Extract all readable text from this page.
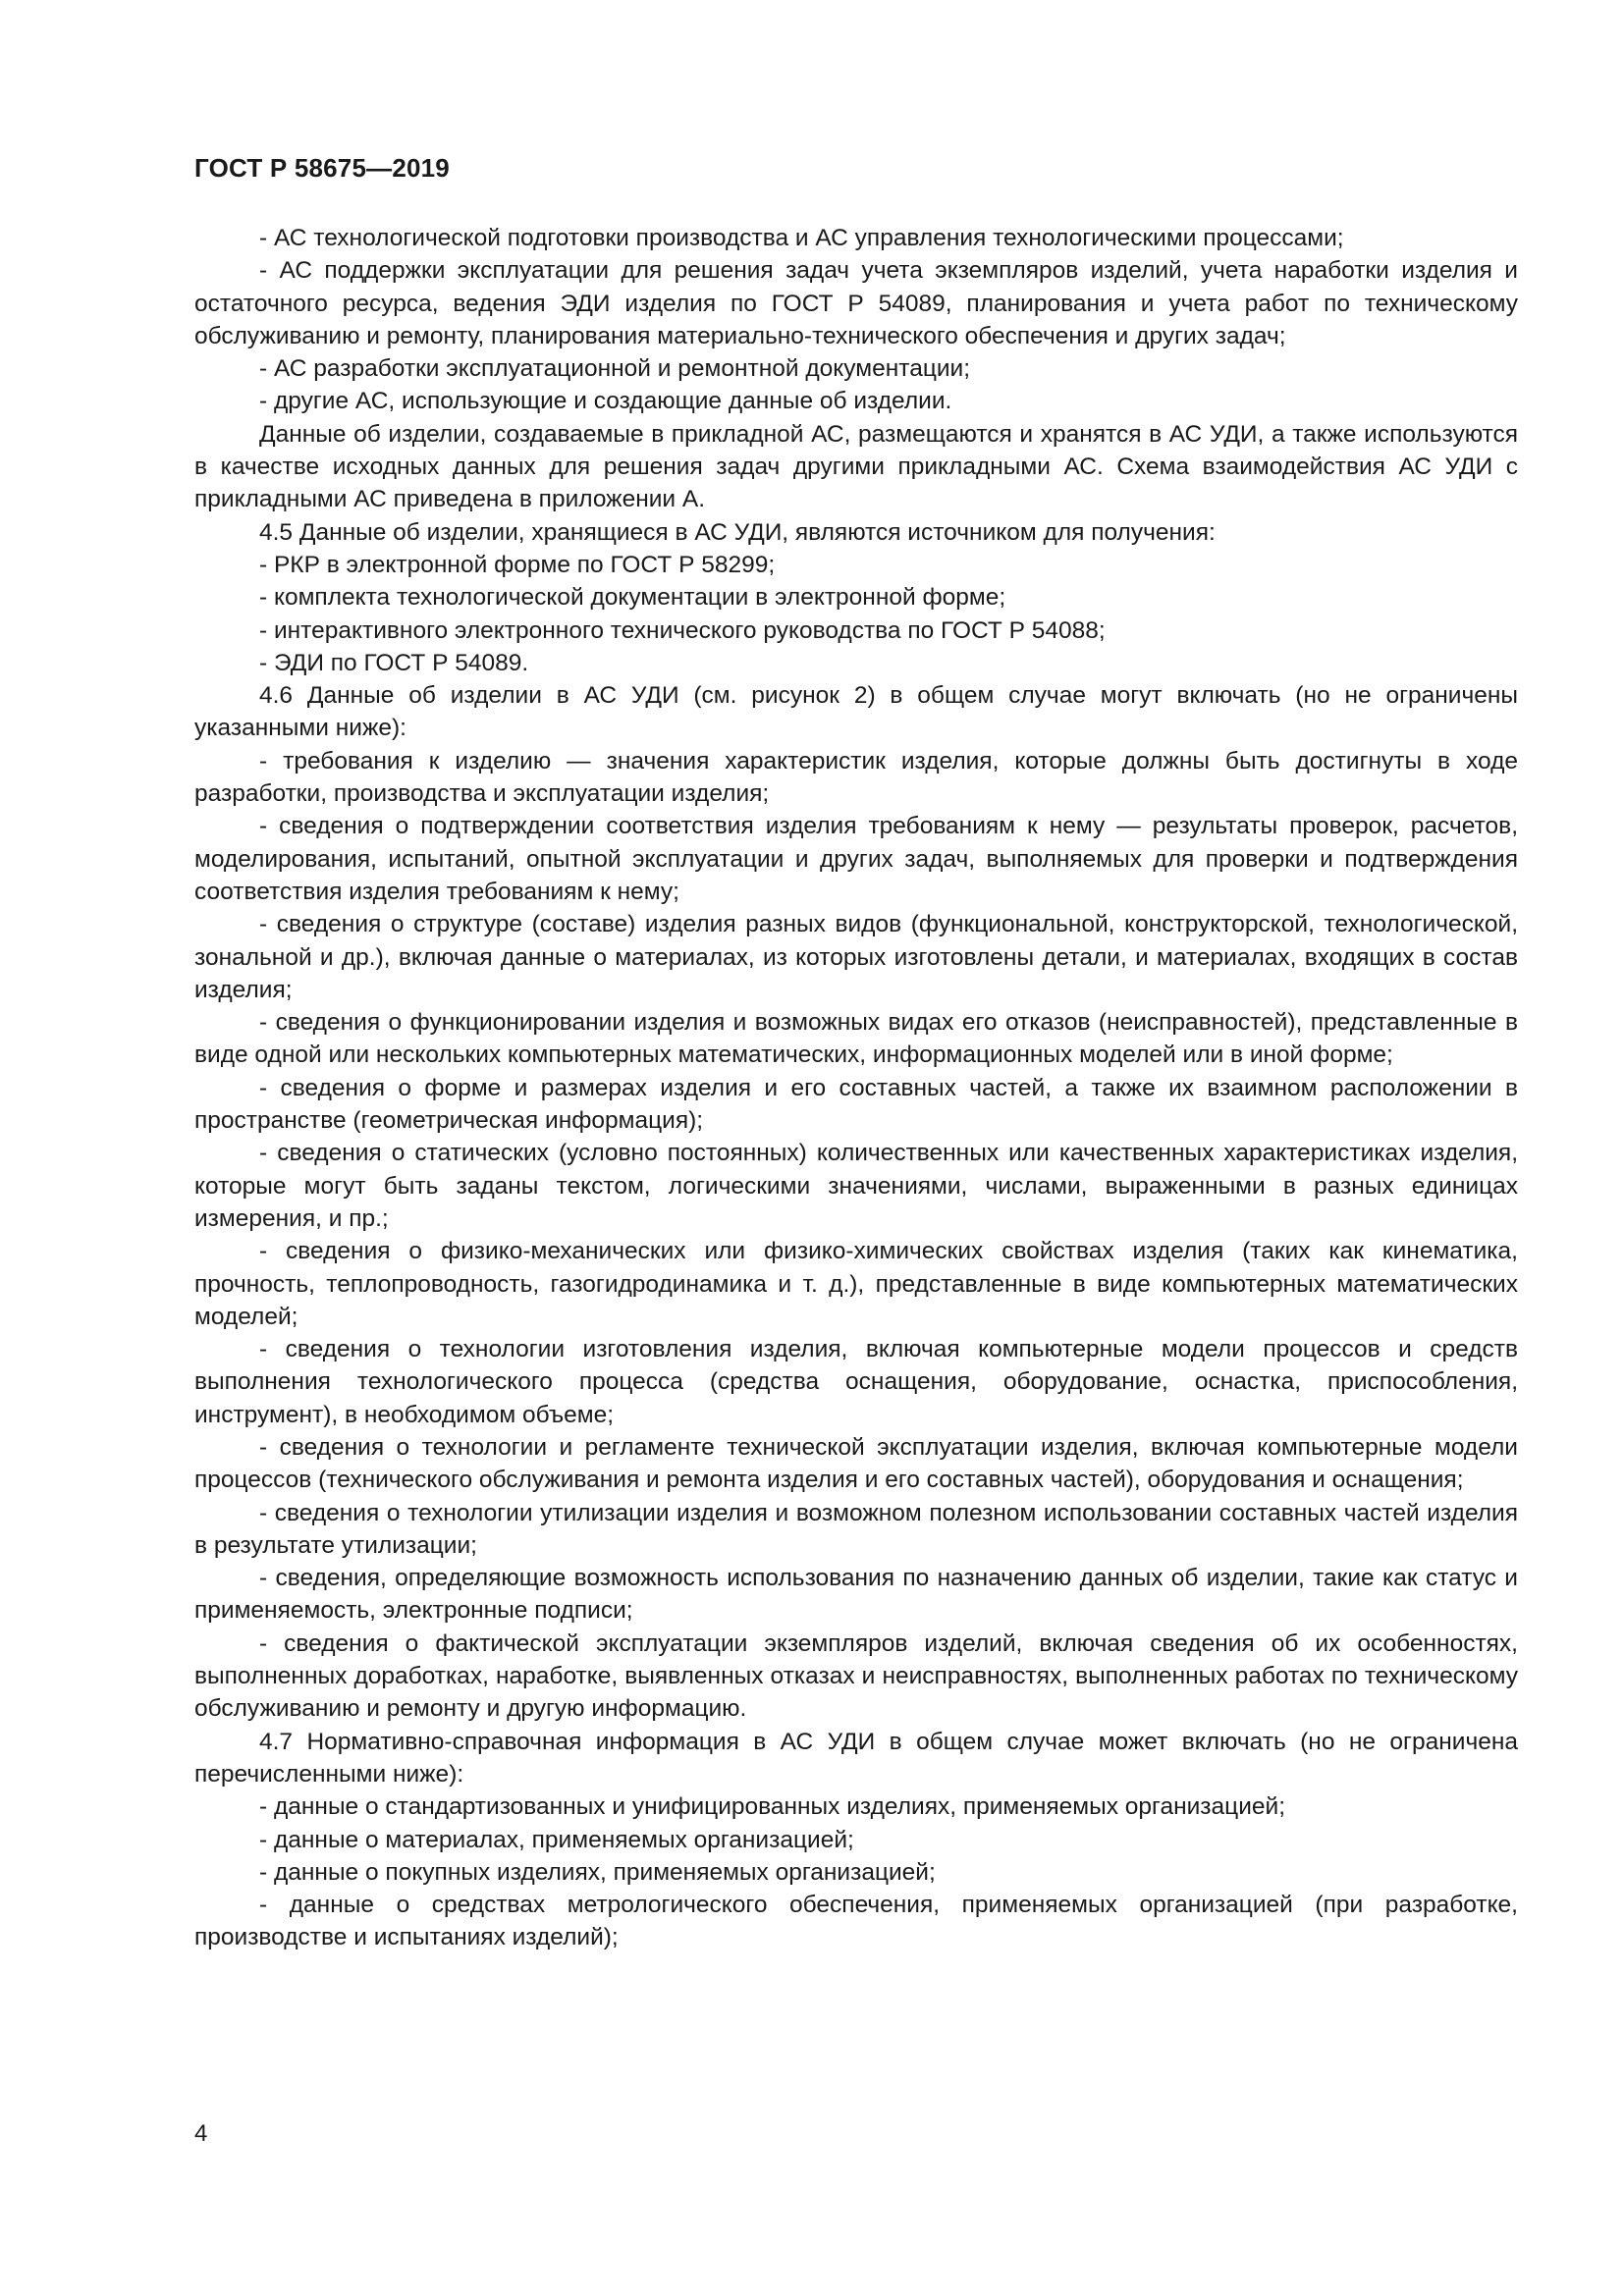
ГОСТ Р 58675—2019

- АС технологической подготовки производства и АС управления технологическими процессами;

- АС поддержки эксплуатации для решения задач учета экземпляров изделий, учета наработки изделия и остаточного ресурса, ведения ЭДИ изделия по ГОСТ Р 54089, планирования и учета работ по техническому обслуживанию и ремонту, планирования материально-технического обеспечения и других задач;

- АС разработки эксплуатационной и ремонтной документации;

- другие АС, использующие и создающие данные об изделии.

Данные об изделии, создаваемые в прикладной АС, размещаются и хранятся в АС УДИ, а также используются в качестве исходных данных для решения задач другими прикладными АС. Схема взаимодействия АС УДИ с прикладными АС приведена в приложении А.

4.5 Данные об изделии, хранящиеся в АС УДИ, являются источником для получения:

- РКР в электронной форме по ГОСТ Р 58299;

- комплекта технологической документации в электронной форме;

- интерактивного электронного технического руководства по ГОСТ Р 54088;

- ЭДИ по ГОСТ Р 54089.

4.6 Данные об изделии в АС УДИ (см. рисунок 2) в общем случае могут включать (но не ограничены указанными ниже):

- требования к изделию — значения характеристик изделия, которые должны быть достигнуты в ходе разработки, производства и эксплуатации изделия;

- сведения о подтверждении соответствия изделия требованиям к нему — результаты проверок, расчетов, моделирования, испытаний, опытной эксплуатации и других задач, выполняемых для проверки и подтверждения соответствия изделия требованиям к нему;

- сведения о структуре (составе) изделия разных видов (функциональной, конструкторской, технологической, зональной и др.), включая данные о материалах, из которых изготовлены детали, и материалах, входящих в состав изделия;

- сведения о функционировании изделия и возможных видах его отказов (неисправностей), представленные в виде одной или нескольких компьютерных математических, информационных моделей или в иной форме;

- сведения о форме и размерах изделия и его составных частей, а также их взаимном расположении в пространстве (геометрическая информация);

- сведения о статических (условно постоянных) количественных или качественных характеристиках изделия, которые могут быть заданы текстом, логическими значениями, числами, выраженными в разных единицах измерения, и пр.;

- сведения о физико-механических или физико-химических свойствах изделия (таких как кинематика, прочность, теплопроводность, газогидродинамика и т. д.), представленные в виде компьютерных математических моделей;

- сведения о технологии изготовления изделия, включая компьютерные модели процессов и средств выполнения технологического процесса (средства оснащения, оборудование, оснастка, приспособления, инструмент), в необходимом объеме;

- сведения о технологии и регламенте технической эксплуатации изделия, включая компьютерные модели процессов (технического обслуживания и ремонта изделия и его составных частей), оборудования и оснащения;

- сведения о технологии утилизации изделия и возможном полезном использовании составных частей изделия в результате утилизации;

- сведения, определяющие возможность использования по назначению данных об изделии, такие как статус и применяемость, электронные подписи;

- сведения о фактической эксплуатации экземпляров изделий, включая сведения об их особенностях, выполненных доработках, наработке, выявленных отказах и неисправностях, выполненных работах по техническому обслуживанию и ремонту и другую информацию.

4.7 Нормативно-справочная информация в АС УДИ в общем случае может включать (но не ограничена перечисленными ниже):

- данные о стандартизованных и унифицированных изделиях, применяемых организацией;

- данные о материалах, применяемых организацией;

- данные о покупных изделиях, применяемых организацией;

- данные о средствах метрологического обеспечения, применяемых организацией (при разработке, производстве и испытаниях изделий);

4
